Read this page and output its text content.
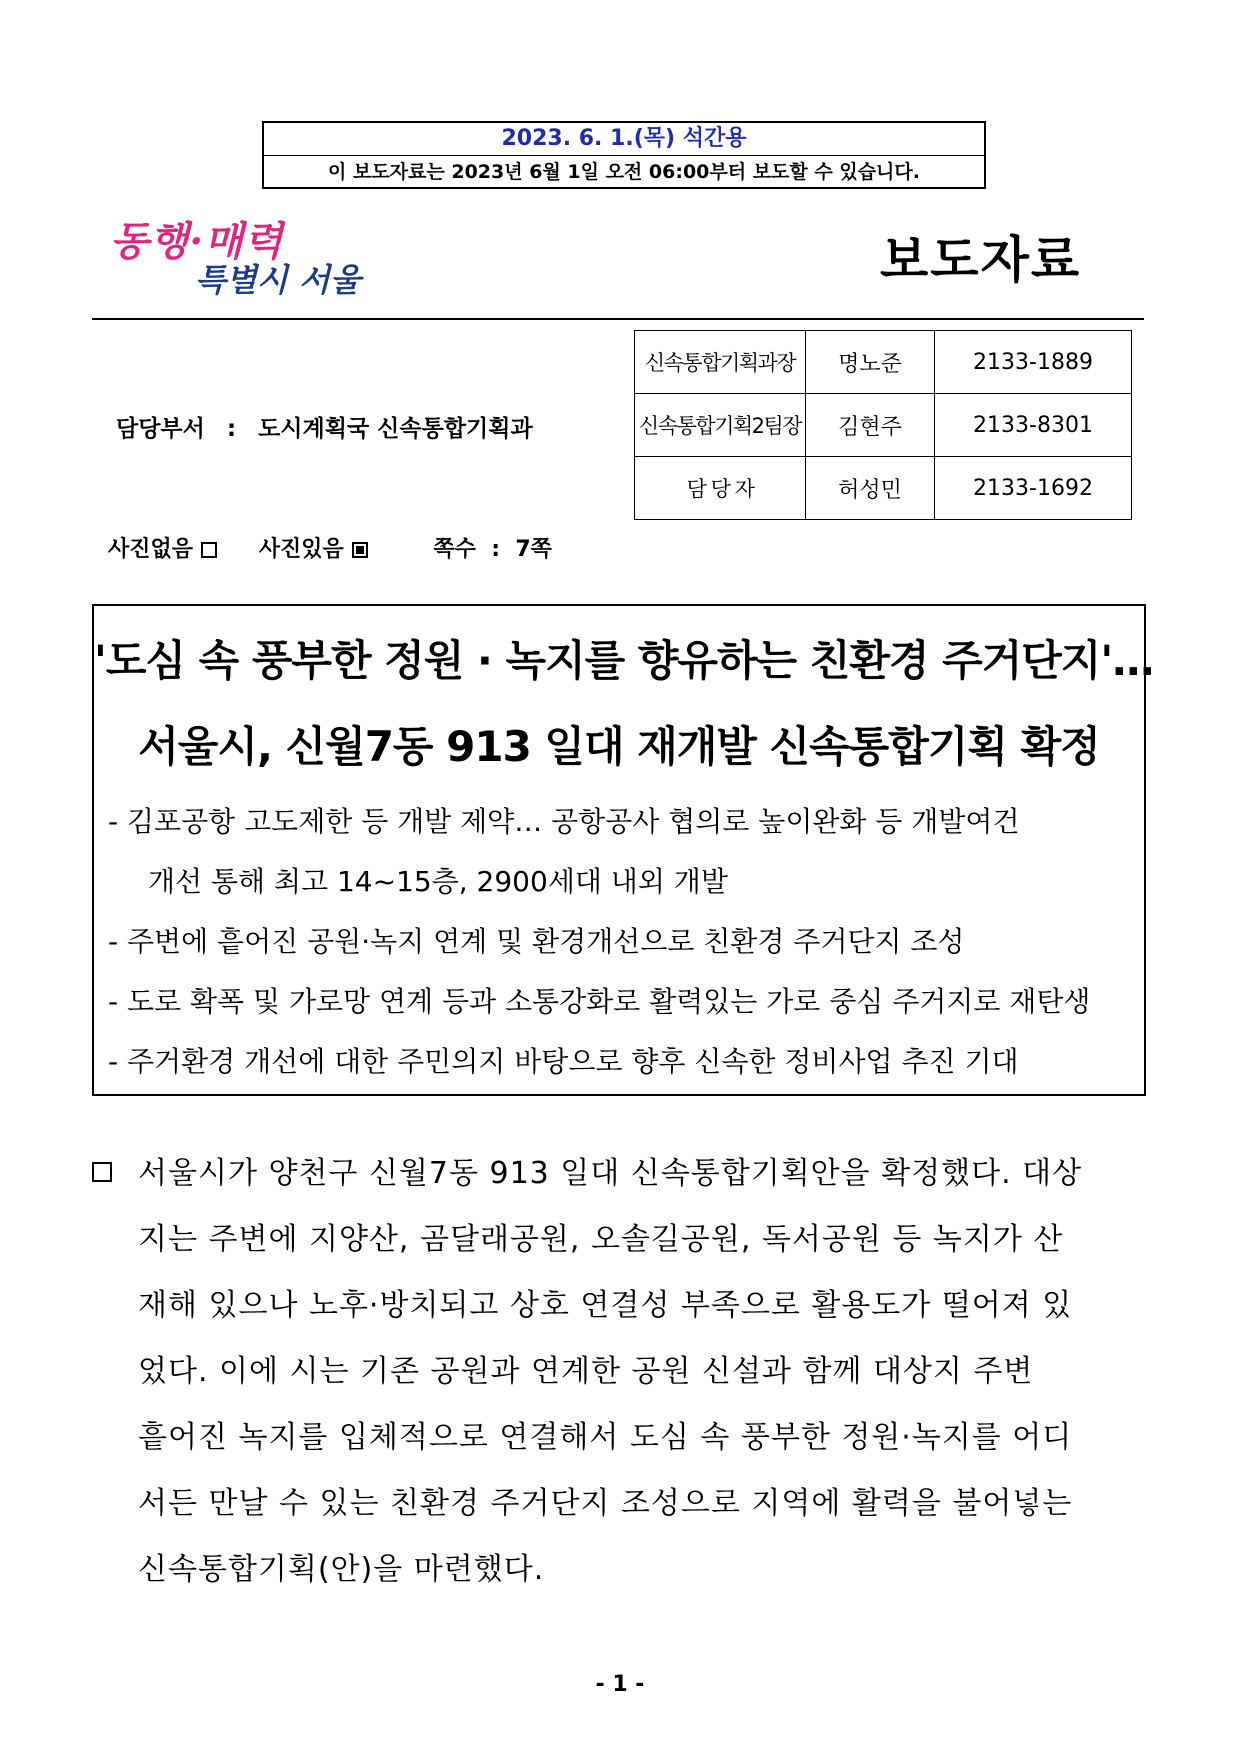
2023. 6. 1.(목) 석간용
이 보도자료는 2023년 6월 1일 오전 06:00부터 보도할 수 있습니다.
동행·매력
특별시 서울	보도자료
담당부서 : 도시계획국 신속통합기획과
신속통합기획과장	명노준	2133-1889
신속통합기획2팀장	김현주	2133-8301
담 당 자	허성민	2133-1692
사진없음	사진있음	쪽수 : 7쪽
'도심 속 풍부한 정원 · 녹지를 향유하는 친환경 주거단지'…
서울시, 신월7동 913 일대 재개발 신속통합기획 확정
- 김포공항 고도제한 등 개발 제약… 공항공사 협의로 높이완화 등 개발여건
개선 통해 최고 14~15층, 2900세대 내외 개발
- 주변에 흩어진 공원·녹지 연계 및 환경개선으로 친환경 주거단지 조성
- 도로 확폭 및 가로망 연계 등과 소통강화로 활력있는 가로 중심 주거지로 재탄생
- 주거환경 개선에 대한 주민의지 바탕으로 향후 신속한 정비사업 추진 기대
서울시가 양천구 신월7동 913 일대 신속통합기획안을 확정했다. 대상
지는 주변에 지양산, 곰달래공원, 오솔길공원, 독서공원 등 녹지가 산
재해 있으나 노후·방치되고 상호 연결성 부족으로 활용도가 떨어져 있
었다. 이에 시는 기존 공원과 연계한 공원 신설과 함께 대상지 주변
흩어진 녹지를 입체적으로 연결해서 도심 속 풍부한 정원·녹지를 어디
서든 만날 수 있는 친환경 주거단지 조성으로 지역에 활력을 불어넣는
신속통합기획(안)을 마련했다.
- 1 -
